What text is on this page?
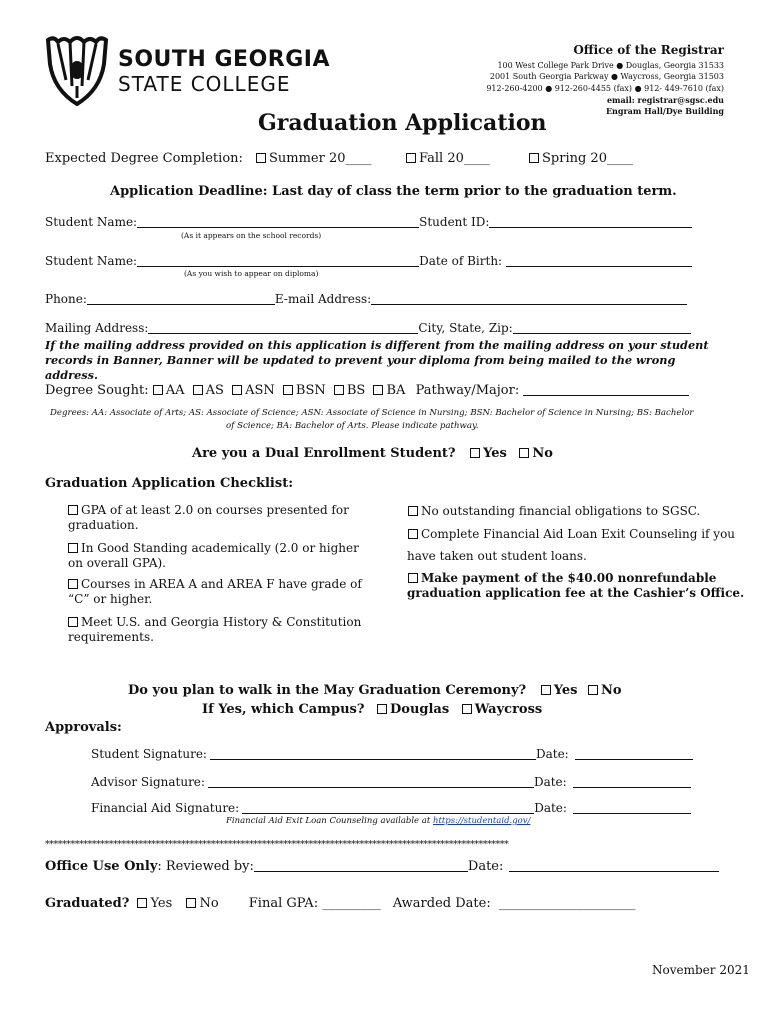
SOUTH GEORGIA
STATE COLLEGE
Office of the Registrar
100 West College Park Drive ● Douglas, Georgia 31533
2001 South Georgia Parkway ● Waycross, Georgia 31503
912-260-4200 ● 912-260-4455 (fax) ● 912- 449-7610 (fax)
email: registrar@sgsc.edu
Engram Hall/Dye Building
Graduation Application
Expected Degree Completion:	Summer 20____	Fall 20____	Spring 20____
Application Deadline: Last day of class the term prior to the graduation term.
Student Name:	Student ID:
(As it appears on the school records)
Student Name:	Date of Birth:
(As you wish to appear on diploma)
Phone:	E-mail Address:
Mailing Address:	City, State, Zip:
If the mailing address provided on this application is different from the mailing address on your student records in Banner, Banner will be updated to prevent your diploma from being mailed to the wrong address.
Degree Sought: AA AS ASN BSN BS BA Pathway/Major:
Degrees: AA: Associate of Arts; AS: Associate of Science; ASN: Associate of Science in Nursing; BSN: Bachelor of Science in Nursing; BS: Bachelor
of Science; BA: Bachelor of Arts. Please indicate pathway.
Are you a Dual Enrollment Student? Yes No
Graduation Application Checklist:
GPA of at least 2.0 on courses presented for graduation.
In Good Standing academically (2.0 or higher on overall GPA).
Courses in AREA A and AREA F have grade of “C” or higher.
Meet U.S. and Georgia History & Constitution requirements.
No outstanding financial obligations to SGSC.
Complete Financial Aid Loan Exit Counseling if you
have taken out student loans.
Make payment of the $40.00 nonrefundable
graduation application fee at the Cashier’s Office.
Do you plan to walk in the May Graduation Ceremony? Yes No
If Yes, which Campus? Douglas Waycross
Approvals:
Student Signature:	Date:
Advisor Signature:	Date:
Financial Aid Signature:	Date:
Financial Aid Exit Loan Counseling available at https://studentaid.gov/
*************************************************************************************************************
Office Use Only: Reviewed by:	Date:
Graduated? Yes No Final GPA: _________ Awarded Date: _____________________
November 2021
